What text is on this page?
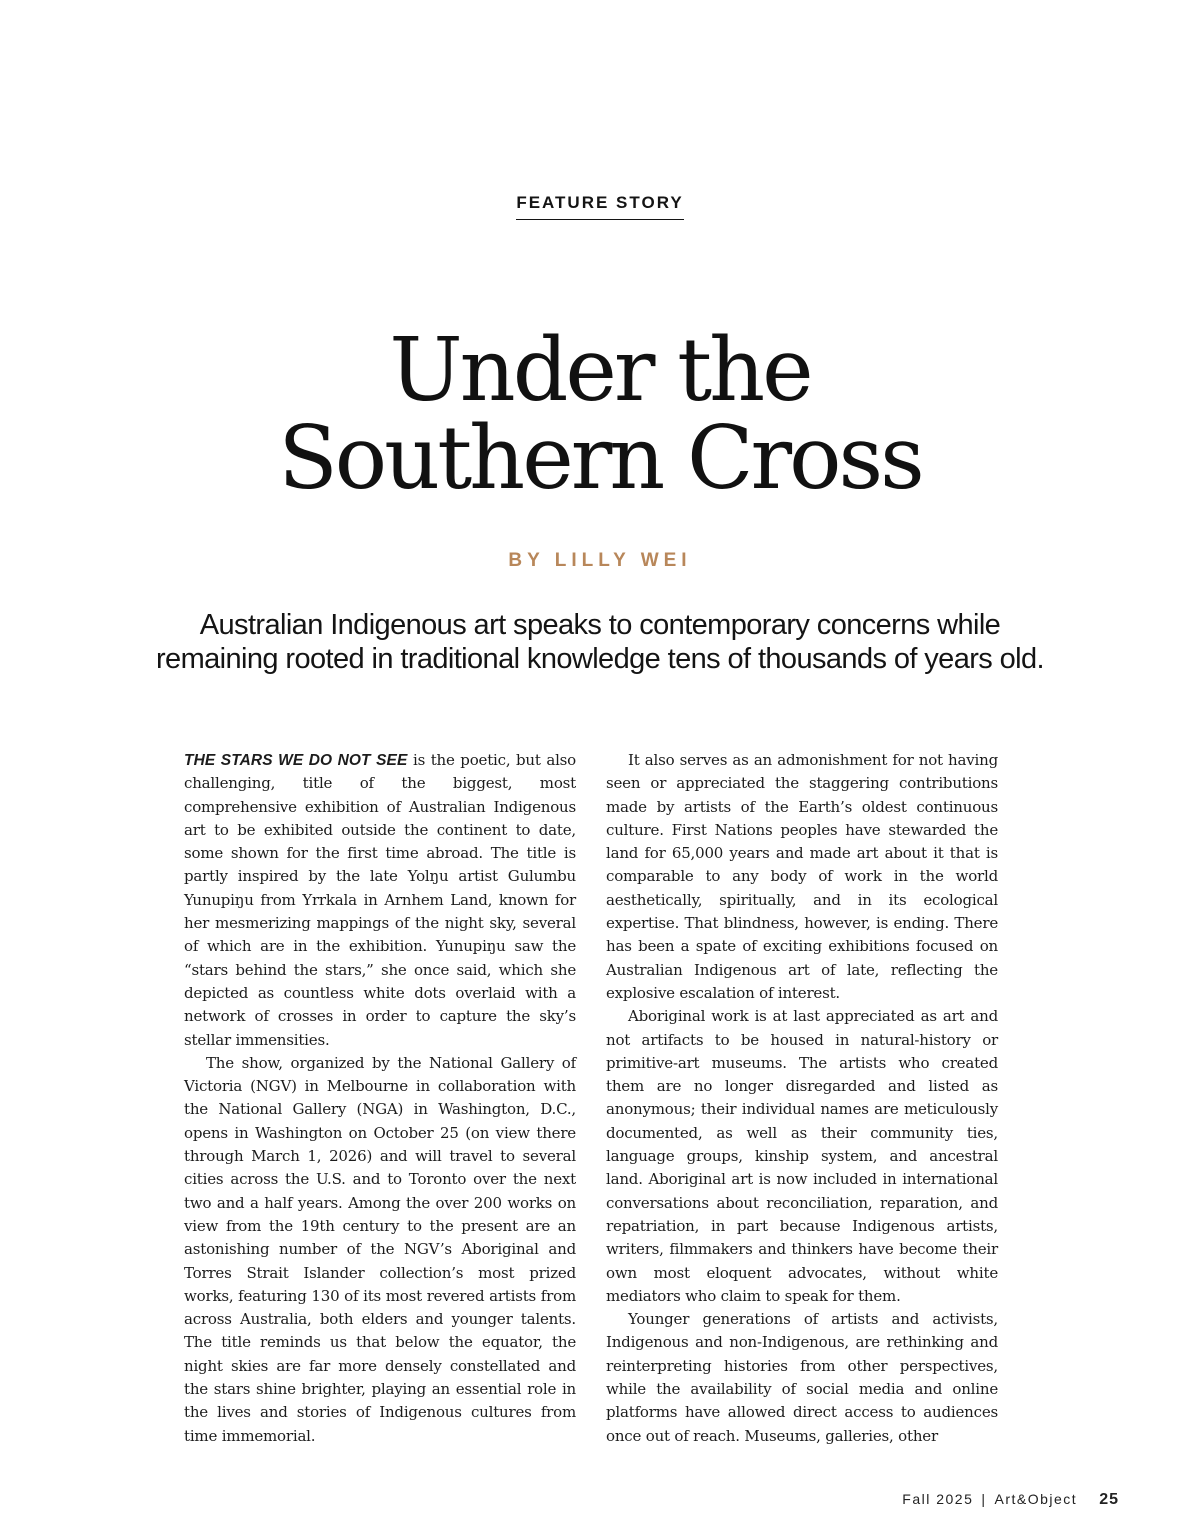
FEATURE STORY
Under the
Southern Cross
BY LILLY WEI
Australian Indigenous art speaks to contemporary concerns while
remaining rooted in traditional knowledge tens of thousands of years old.

THE STARS WE DO NOT SEE is the poetic, but also challenging, title of the biggest, most comprehensive exhibition of Australian Indigenous art to be exhibited outside the continent to date, some shown for the first time abroad. The title is partly inspired by the late Yolŋu artist Gulumbu Yunupiŋu from Yrrkala in Arnhem Land, known for her mesmerizing mappings of the night sky, several of which are in the exhibition. Yunupiŋu saw the “stars behind the stars,” she once said, which she depicted as countless white dots overlaid with a network of crosses in order to capture the sky’s stellar immensities.

The show, organized by the National Gallery of Victoria (NGV) in Melbourne in collaboration with the National Gallery (NGA) in Washington, D.C., opens in Washington on October 25 (on view there through March 1, 2026) and will travel to several cities across the U.S. and to Toronto over the next two and a half years. Among the over 200 works on view from the 19th century to the present are an astonishing number of the NGV’s Aboriginal and Torres Strait Islander collection’s most prized works, featuring 130 of its most revered artists from across Australia, both elders and younger talents. The title reminds us that below the equator, the night skies are far more densely constellated and the stars shine brighter, playing an essential role in the lives and stories of Indigenous cultures from time immemorial.

It also serves as an admonishment for not having seen or appreciated the staggering contributions made by artists of the Earth’s oldest continuous culture. First Nations peoples have stewarded the land for 65,000 years and made art about it that is comparable to any body of work in the world aesthetically, spiritually, and in its ecological expertise. That blindness, however, is ending. There has been a spate of exciting exhibitions focused on Australian Indigenous art of late, reflecting the explosive escalation of interest.

Aboriginal work is at last appreciated as art and not artifacts to be housed in natural-history or primitive-art museums. The artists who created them are no longer disregarded and listed as anonymous; their individual names are meticulously documented, as well as their community ties, language groups, kinship system, and ancestral land. Aboriginal art is now included in international conversations about reconciliation, reparation, and repatriation, in part because Indigenous artists, writers, filmmakers and thinkers have become their own most eloquent advocates, without white mediators who claim to speak for them.

Younger generations of artists and activists, Indigenous and non-Indigenous, are rethinking and reinterpreting histories from other perspectives, while the availability of social media and online platforms have allowed direct access to audiences once out of reach. Museums, galleries, other

Fall 2025 | Art&Object 25
